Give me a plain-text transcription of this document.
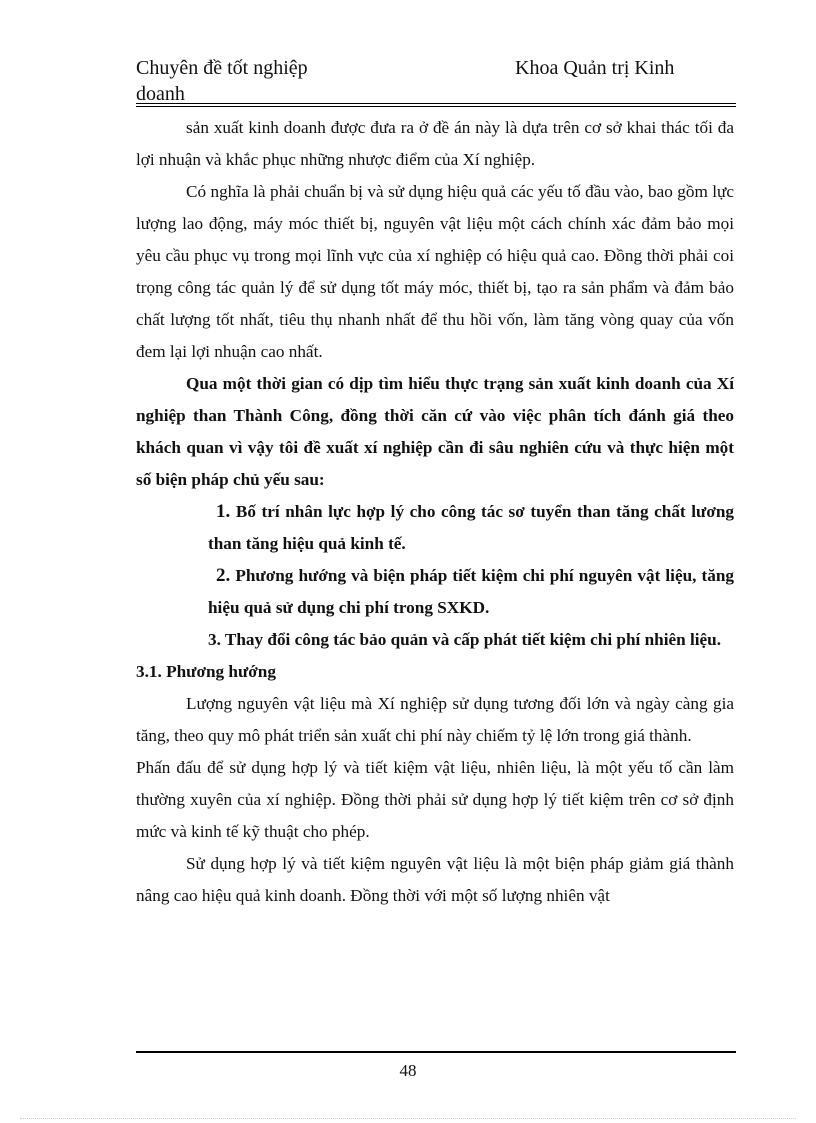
Chuyên đề tốt nghiệp
doanh
Khoa Quản trị Kinh

sản xuất kinh doanh được đưa ra ở đề án này là dựa trên cơ sở khai thác tối đa lợi nhuận và khắc phục những nhược điểm của Xí nghiệp.

Có nghĩa là phải chuẩn bị và sử dụng hiệu quả các yếu tố đầu vào, bao gồm lực lượng lao động, máy móc thiết bị, nguyên vật liệu một cách chính xác đảm bảo mọi yêu cầu phục vụ trong mọi lĩnh vực của xí nghiệp có hiệu quả cao. Đồng thời phải coi trọng công tác quản lý để sử dụng tốt máy móc, thiết bị, tạo ra sản phẩm và đảm bảo chất lượng tốt nhất, tiêu thụ nhanh nhất để thu hồi vốn, làm tăng vòng quay của vốn đem lại lợi nhuận cao nhất.

Qua một thời gian có dịp tìm hiểu thực trạng sản xuất kinh doanh của Xí nghiệp than Thành Công, đồng thời căn cứ vào việc phân tích đánh giá theo khách quan vì vậy tôi đề xuất xí nghiệp cần đi sâu nghiên cứu và thực hiện một số biện pháp chủ yếu sau:

1. Bố trí nhân lực hợp lý cho công tác sơ tuyển than tăng chất lương than tăng hiệu quả kinh tế.

2. Phương hướng và biện pháp tiết kiệm chi phí nguyên vật liệu, tăng hiệu quả sử dụng chi phí trong SXKD.

3. Thay đổi công tác bảo quản và cấp phát tiết kiệm chi phí nhiên liệu.

3.1. Phương hướng

Lượng nguyên vật liệu mà Xí nghiệp sử dụng tương đối lớn và ngày càng gia tăng, theo quy mô phát triển sản xuất chi phí này chiếm tỷ lệ lớn trong giá thành.

Phấn đấu để sử dụng hợp lý và tiết kiệm vật liệu, nhiên liệu, là một yếu tố cần làm thường xuyên của xí nghiệp. Đồng thời phải sử dụng hợp lý tiết kiệm trên cơ sở định mức và kinh tế kỹ thuật cho phép.

Sử dụng hợp lý và tiết kiệm nguyên vật liệu là một biện pháp giảm giá thành nâng cao hiệu quả kinh doanh. Đồng thời với một số lượng nhiên vật

48
